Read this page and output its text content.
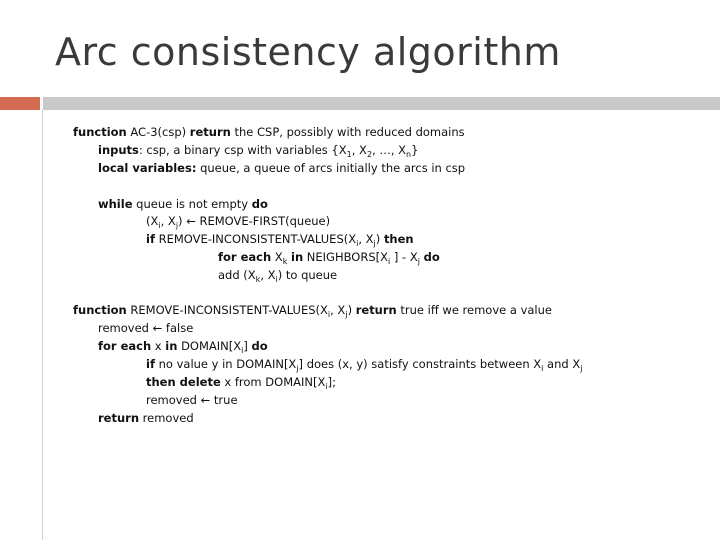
Arc consistency algorithm
function AC-3(csp) return the CSP, possibly with reduced domains
inputs: csp, a binary csp with variables {$X_1$, $X_2$, …, $X_n$}
local variables: queue, a queue of arcs initially the arcs in csp
while queue is not empty do
($X_i$, $X_j$) ← REMOVE-FIRST(queue)
if REMOVE-$INCONSISTENT-VALUES(X_i$, $X_j$) then
for each $X_k$ in $NEIGHBORS[X_i$ ] - $X_j$ do
add ($X_k$, $X_i$) to queue
function REMOVE-$INCONSISTENT-VALUES(X_i$, $X_j$) return true iff we remove a value
removed ← false
for each x in $DOMAIN[X_i]$ do
if no value y in $DOMAIN[X_j]$ does (x, y) satisfy constraints between $X_i$ and $X_j$
then delete x from $DOMAIN[X_i]$;
removed ← true
return removed
